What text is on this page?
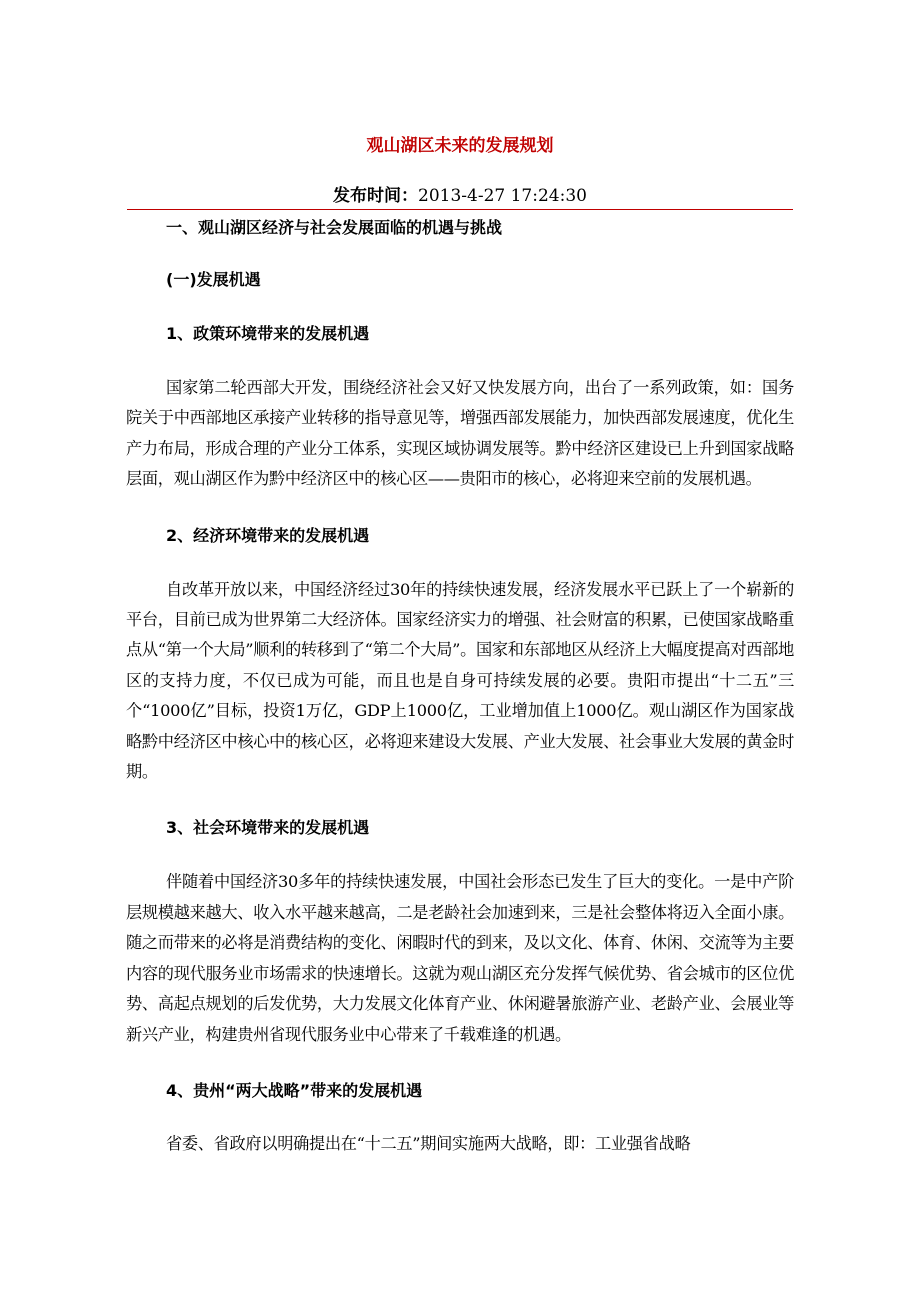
观山湖区未来的发展规划
发布时间：2013-4-27 17:24:30

一、观山湖区经济与社会发展面临的机遇与挑战

(一)发展机遇

1、政策环境带来的发展机遇

国家第二轮西部大开发，围绕经济社会又好又快发展方向，出台了一系列政策，如：国务院关于中西部地区承接产业转移的指导意见等，增强西部发展能力，加快西部发展速度，优化生产力布局，形成合理的产业分工体系，实现区域协调发展等。黔中经济区建设已上升到国家战略层面，观山湖区作为黔中经济区中的核心区——贵阳市的核心，必将迎来空前的发展机遇。

2、经济环境带来的发展机遇

自改革开放以来，中国经济经过30年的持续快速发展，经济发展水平已跃上了一个崭新的平台，目前已成为世界第二大经济体。国家经济实力的增强、社会财富的积累，已使国家战略重点从“第一个大局”顺利的转移到了“第二个大局”。国家和东部地区从经济上大幅度提高对西部地区的支持力度，不仅已成为可能，而且也是自身可持续发展的必要。贵阳市提出“十二五”三个“1000亿”目标，投资1万亿，GDP上1000亿，工业增加值上1000亿。观山湖区作为国家战略黔中经济区中核心中的核心区，必将迎来建设大发展、产业大发展、社会事业大发展的黄金时期。

3、社会环境带来的发展机遇

伴随着中国经济30多年的持续快速发展，中国社会形态已发生了巨大的变化。一是中产阶层规模越来越大、收入水平越来越高，二是老龄社会加速到来，三是社会整体将迈入全面小康。随之而带来的必将是消费结构的变化、闲暇时代的到来，及以文化、体育、休闲、交流等为主要内容的现代服务业市场需求的快速增长。这就为观山湖区充分发挥气候优势、省会城市的区位优势、高起点规划的后发优势，大力发展文化体育产业、休闲避暑旅游产业、老龄产业、会展业等新兴产业，构建贵州省现代服务业中心带来了千载难逢的机遇。

4、贵州“两大战略”带来的发展机遇

省委、省政府以明确提出在“十二五”期间实施两大战略，即：工业强省战略
